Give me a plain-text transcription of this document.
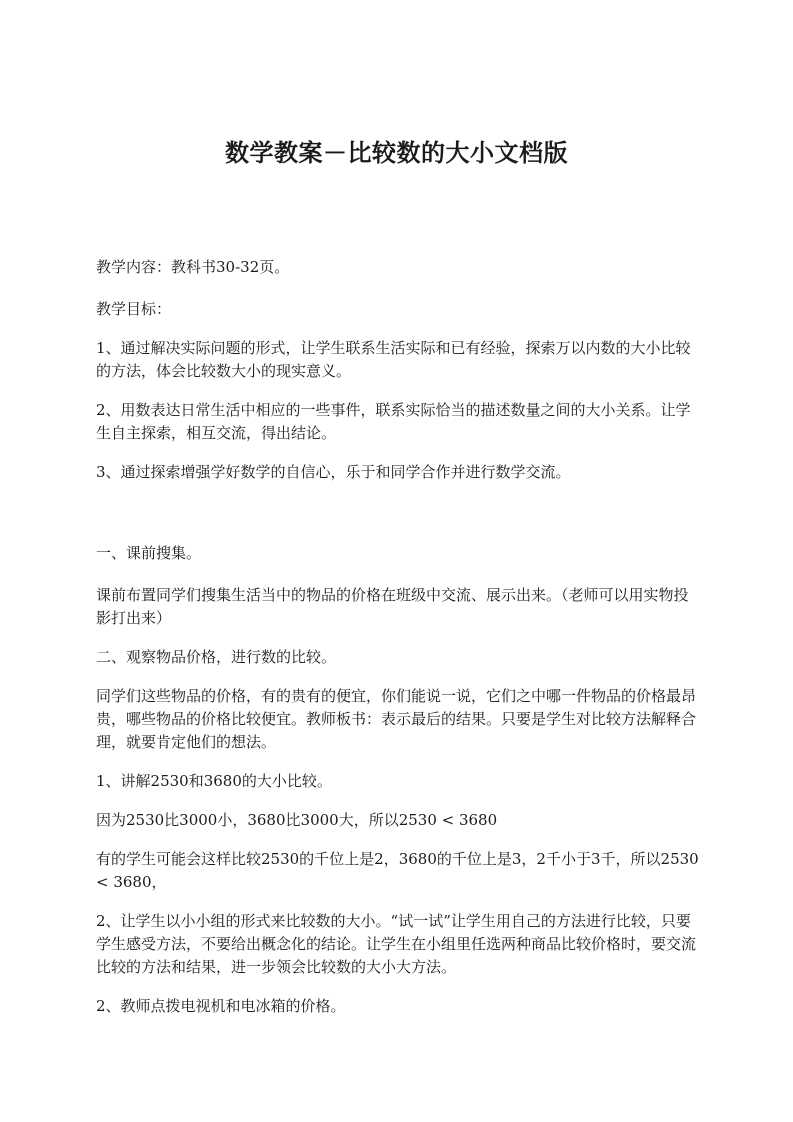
数学教案－比较数的大小文档版

教学内容：教科书30-32页。

教学目标：

1、通过解决实际问题的形式，让学生联系生活实际和已有经验，探索万以内数的大小比较的方法，体会比较数大小的现实意义。

2、用数表达日常生活中相应的一些事件，联系实际恰当的描述数量之间的大小关系。让学生自主探索，相互交流，得出结论。

3、通过探索增强学好数学的自信心，乐于和同学合作并进行数学交流。

一、课前搜集。

课前布置同学们搜集生活当中的物品的价格在班级中交流、展示出来。（老师可以用实物投影打出来）

二、观察物品价格，进行数的比较。

同学们这些物品的价格，有的贵有的便宜，你们能说一说，它们之中哪一件物品的价格最昂贵，哪些物品的价格比较便宜。教师板书：表示最后的结果。只要是学生对比较方法解释合理，就要肯定他们的想法。

1、讲解2530和3680的大小比较。

因为2530比3000小，3680比3000大，所以2530 < 3680

有的学生可能会这样比较2530的千位上是2，3680的千位上是3，2千小于3千，所以2530 < 3680，

2、让学生以小小组的形式来比较数的大小。“试一试”让学生用自己的方法进行比较，只要学生感受方法，不要给出概念化的结论。让学生在小组里任选两种商品比较价格时，要交流比较的方法和结果，进一步领会比较数的大小大方法。

2、教师点拨电视机和电冰箱的价格。
